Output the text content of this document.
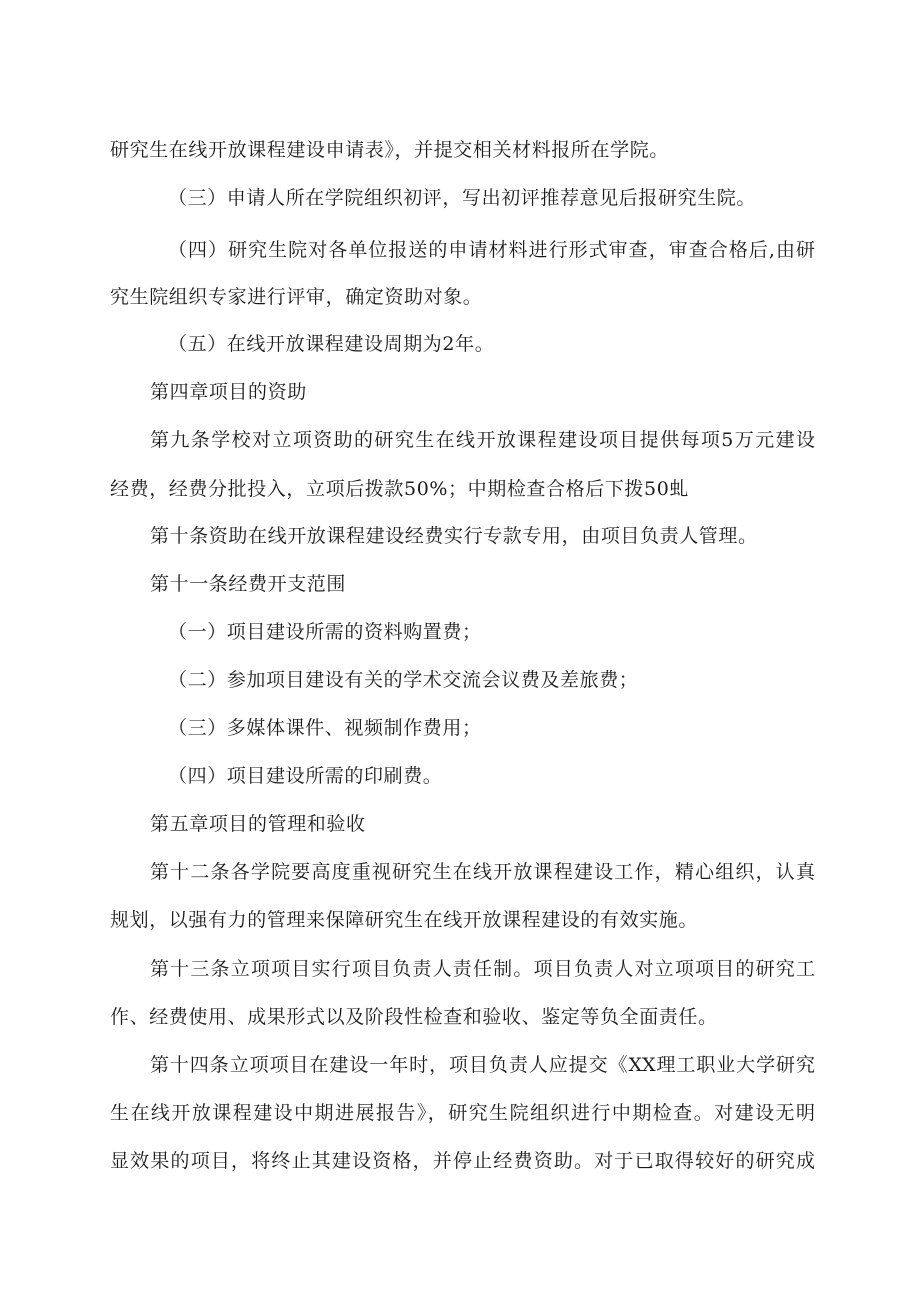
研究生在线开放课程建设申请表》，并提交相关材料报所在学院。
（三）申请人所在学院组织初评，写出初评推荐意见后报研究生院。
（四）研究生院对各单位报送的申请材料进行形式审查，审查合格后,由研
究生院组织专家进行评审，确定资助对象。
（五）在线开放课程建设周期为2年。
第四章项目的资助
第九条学校对立项资助的研究生在线开放课程建设项目提供每项5万元建设
经费，经费分批投入，立项后拨款50%；中期检查合格后下拨50虬
第十条资助在线开放课程建设经费实行专款专用，由项目负责人管理。
第十一条经费开支范围
（一）项目建设所需的资料购置费；
（二）参加项目建设有关的学术交流会议费及差旅费；
（三）多媒体课件、视频制作费用；
（四）项目建设所需的印刷费。
第五章项目的管理和验收
第十二条各学院要高度重视研究生在线开放课程建设工作，精心组织，认真
规划，以强有力的管理来保障研究生在线开放课程建设的有效实施。
第十三条立项项目实行项目负责人责任制。项目负责人对立项项目的研究工
作、经费使用、成果形式以及阶段性检查和验收、鉴定等负全面责任。
第十四条立项项目在建设一年时，项目负责人应提交《XX理工职业大学研究
生在线开放课程建设中期进展报告》，研究生院组织进行中期检查。对建设无明
显效果的项目，将终止其建设资格，并停止经费资助。对于已取得较好的研究成
